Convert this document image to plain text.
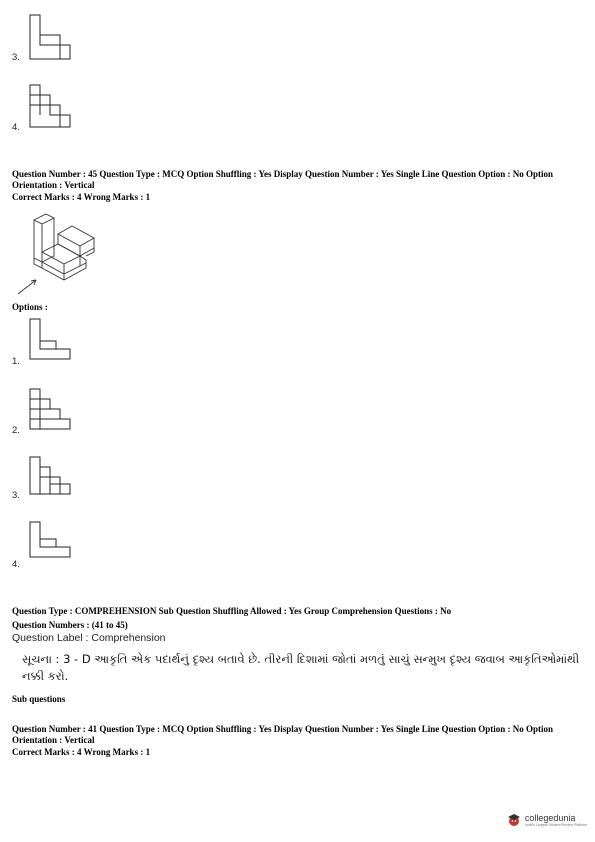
3.
4.
Question Number : 45 Question Type : MCQ Option Shuffling : Yes Display Question Number : Yes Single Line Question Option : No Option Orientation : Vertical
Correct Marks : 4 Wrong Marks : 1
Options :
1.
2.
3.
4.
Question Type : COMPREHENSION Sub Question Shuffling Allowed : Yes Group Comprehension Questions : No
Question Numbers : (41 to 45)
Question Label : Comprehension
સૂચના : 3 - D આકૃતિ એક પદાર્થનું દૃશ્ય બતાવે છે. તીરની દિશામાં જોતાં મળતું સાચું સન્મુખ દૃશ્ય જવાબ આકૃતિઓમાંથી નક્કી કરો.
Sub questions
Question Number : 41 Question Type : MCQ Option Shuffling : Yes Display Question Number : Yes Single Line Question Option : No Option Orientation : Vertical
Correct Marks : 4 Wrong Marks : 1
collegedunia
India's Largest Student Review Platform
